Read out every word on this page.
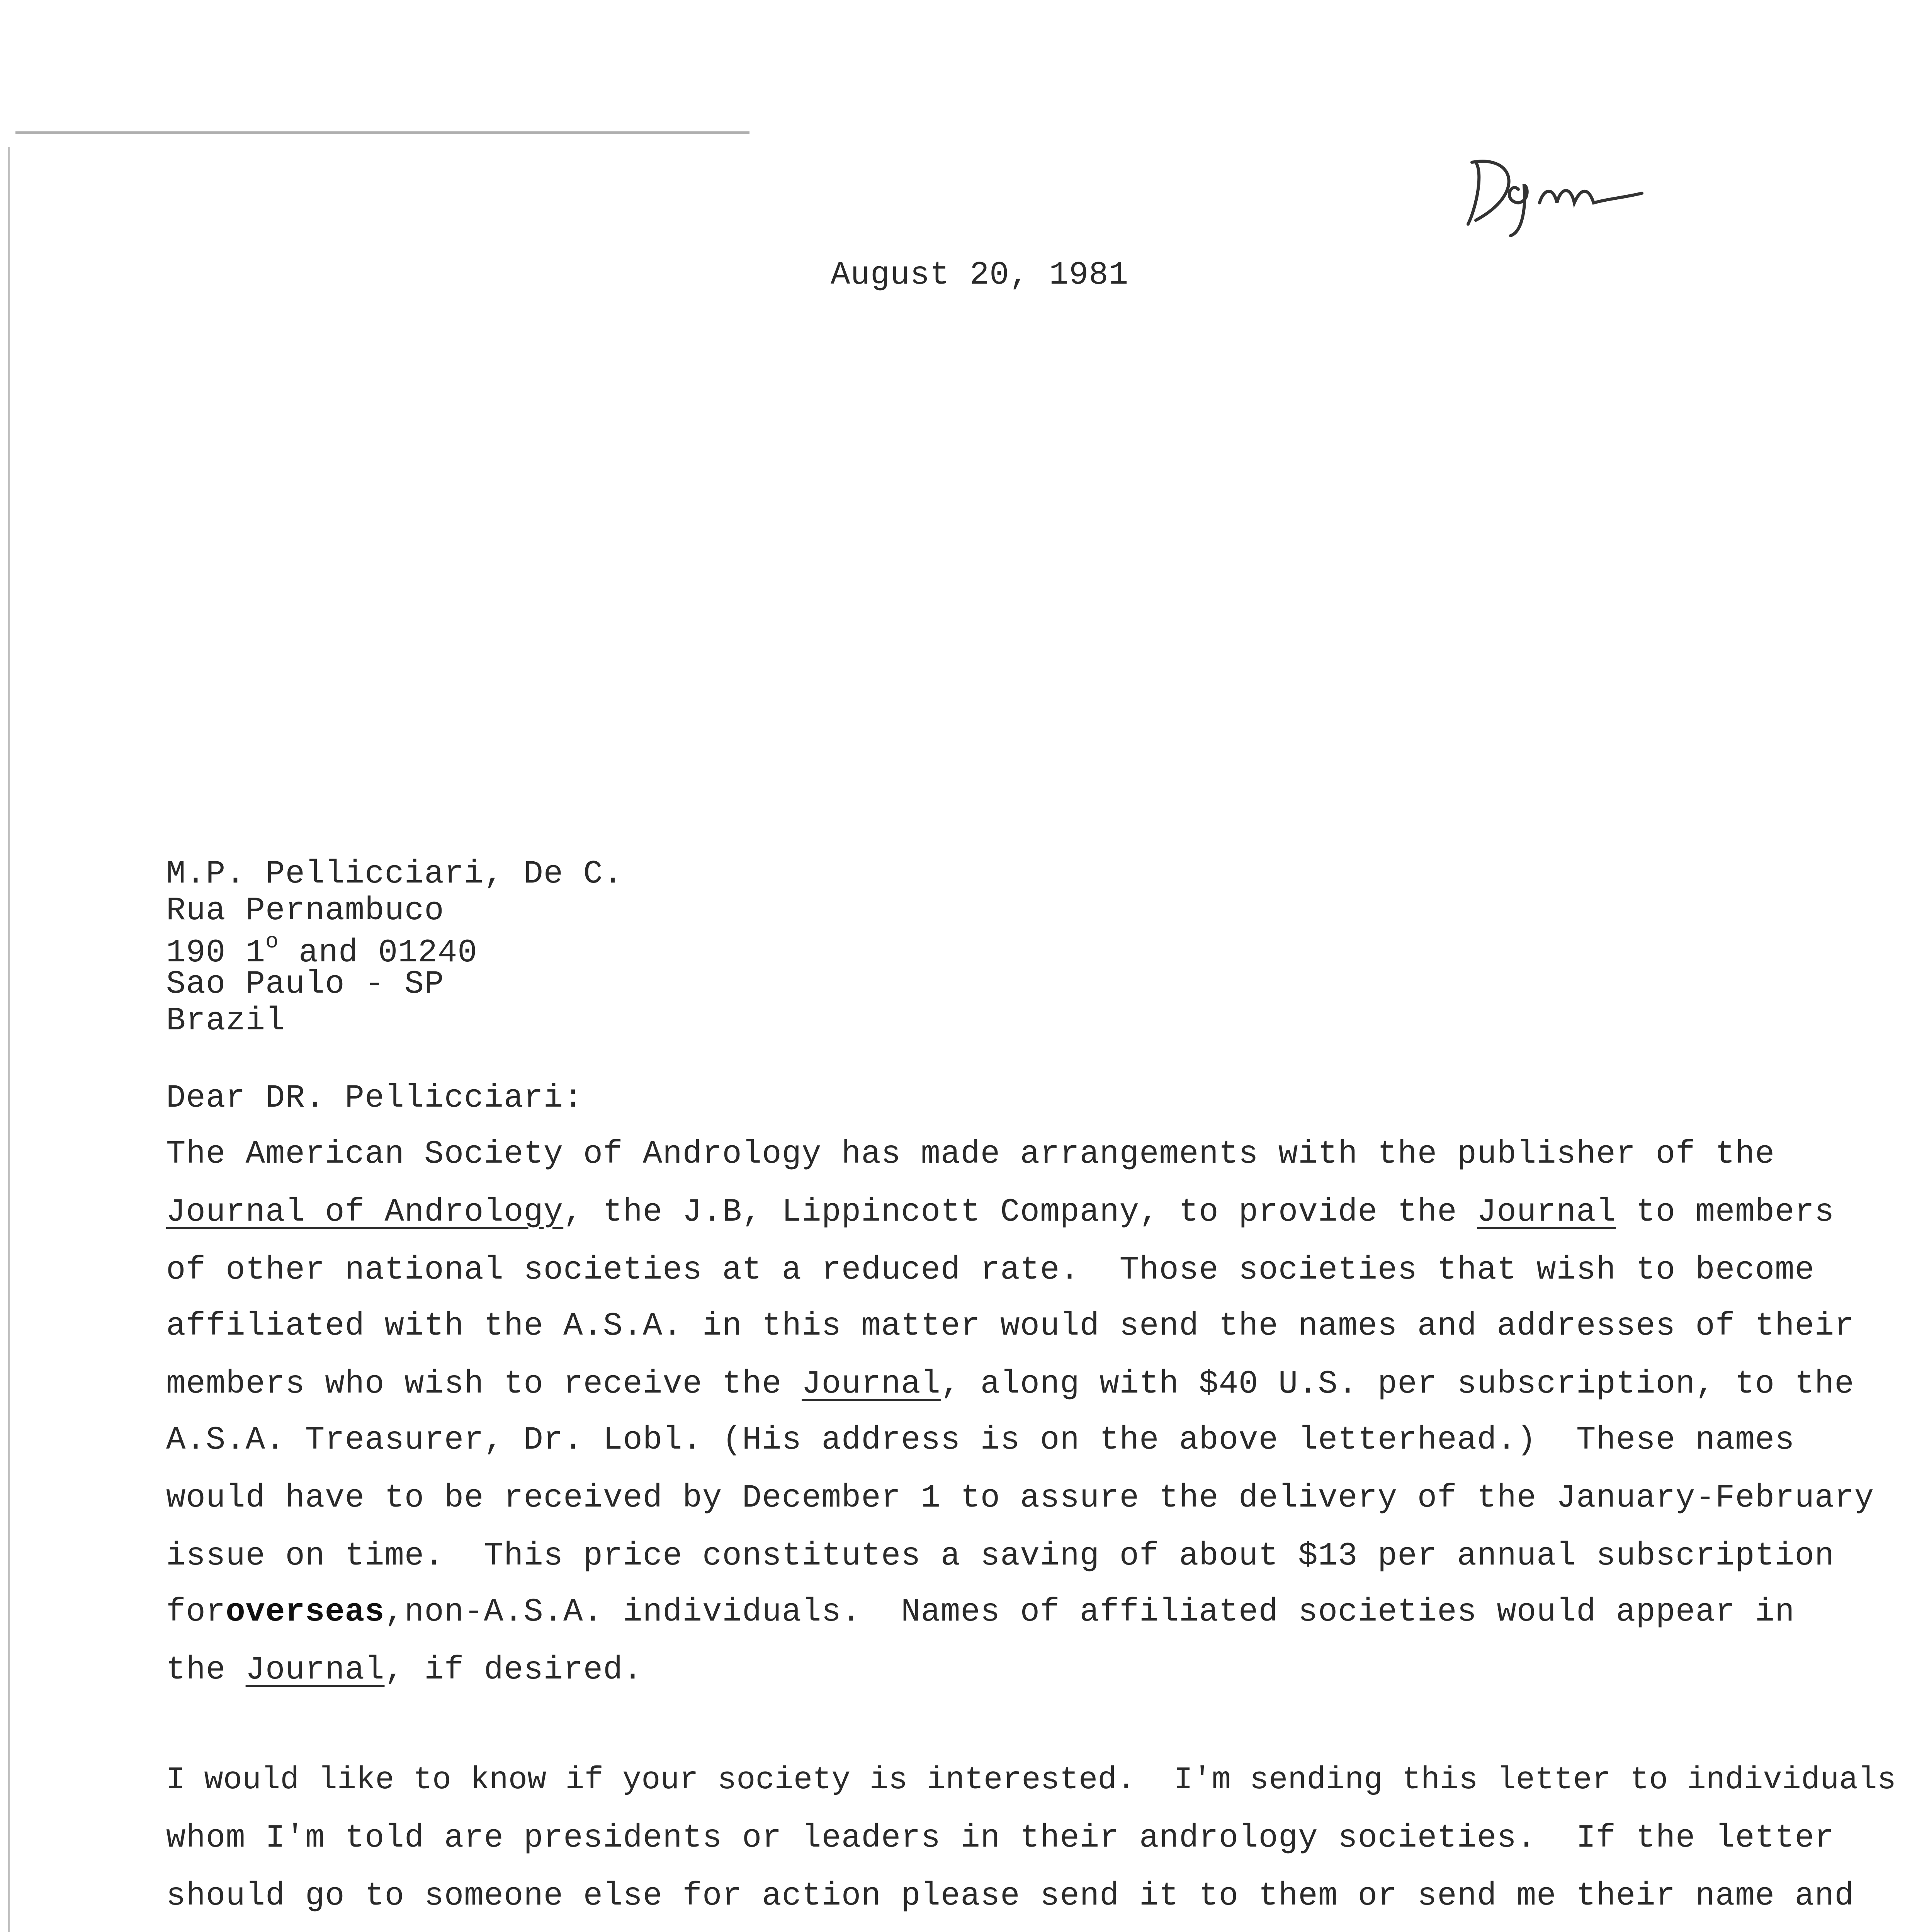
August 20, 1981
M.P. Pellicciari, De C.
Rua Pernambuco
190 1$^o$ and 01240
Sao Paulo - SP
Brazil
Dear DR. Pellicciari:
The American Society of Andrology has made arrangements with the publisher of the
Journal of Andrology, the J.B, Lippincott Company, to provide the Journal to members
of other national societies at a reduced rate.  Those societies that wish to become
affiliated with the A.S.A. in this matter would send the names and addresses of their
members who wish to receive the Journal, along with $40 U.S. per subscription, to the
A.S.A. Treasurer, Dr. Lobl. (His address is on the above letterhead.)  These names
would have to be received by December 1 to assure the delivery of the January-February
issue on time.  This price constitutes a saving of about $13 per annual subscription
foroverseas,non-A.S.A. individuals.  Names of affiliated societies would appear in
the Journal, if desired.
I would like to know if your society is interested.  I'm sending this letter to individuals
whom I'm told are presidents or leaders in their andrology societies.  If the letter
should go to someone else for action please send it to them or send me their name and
